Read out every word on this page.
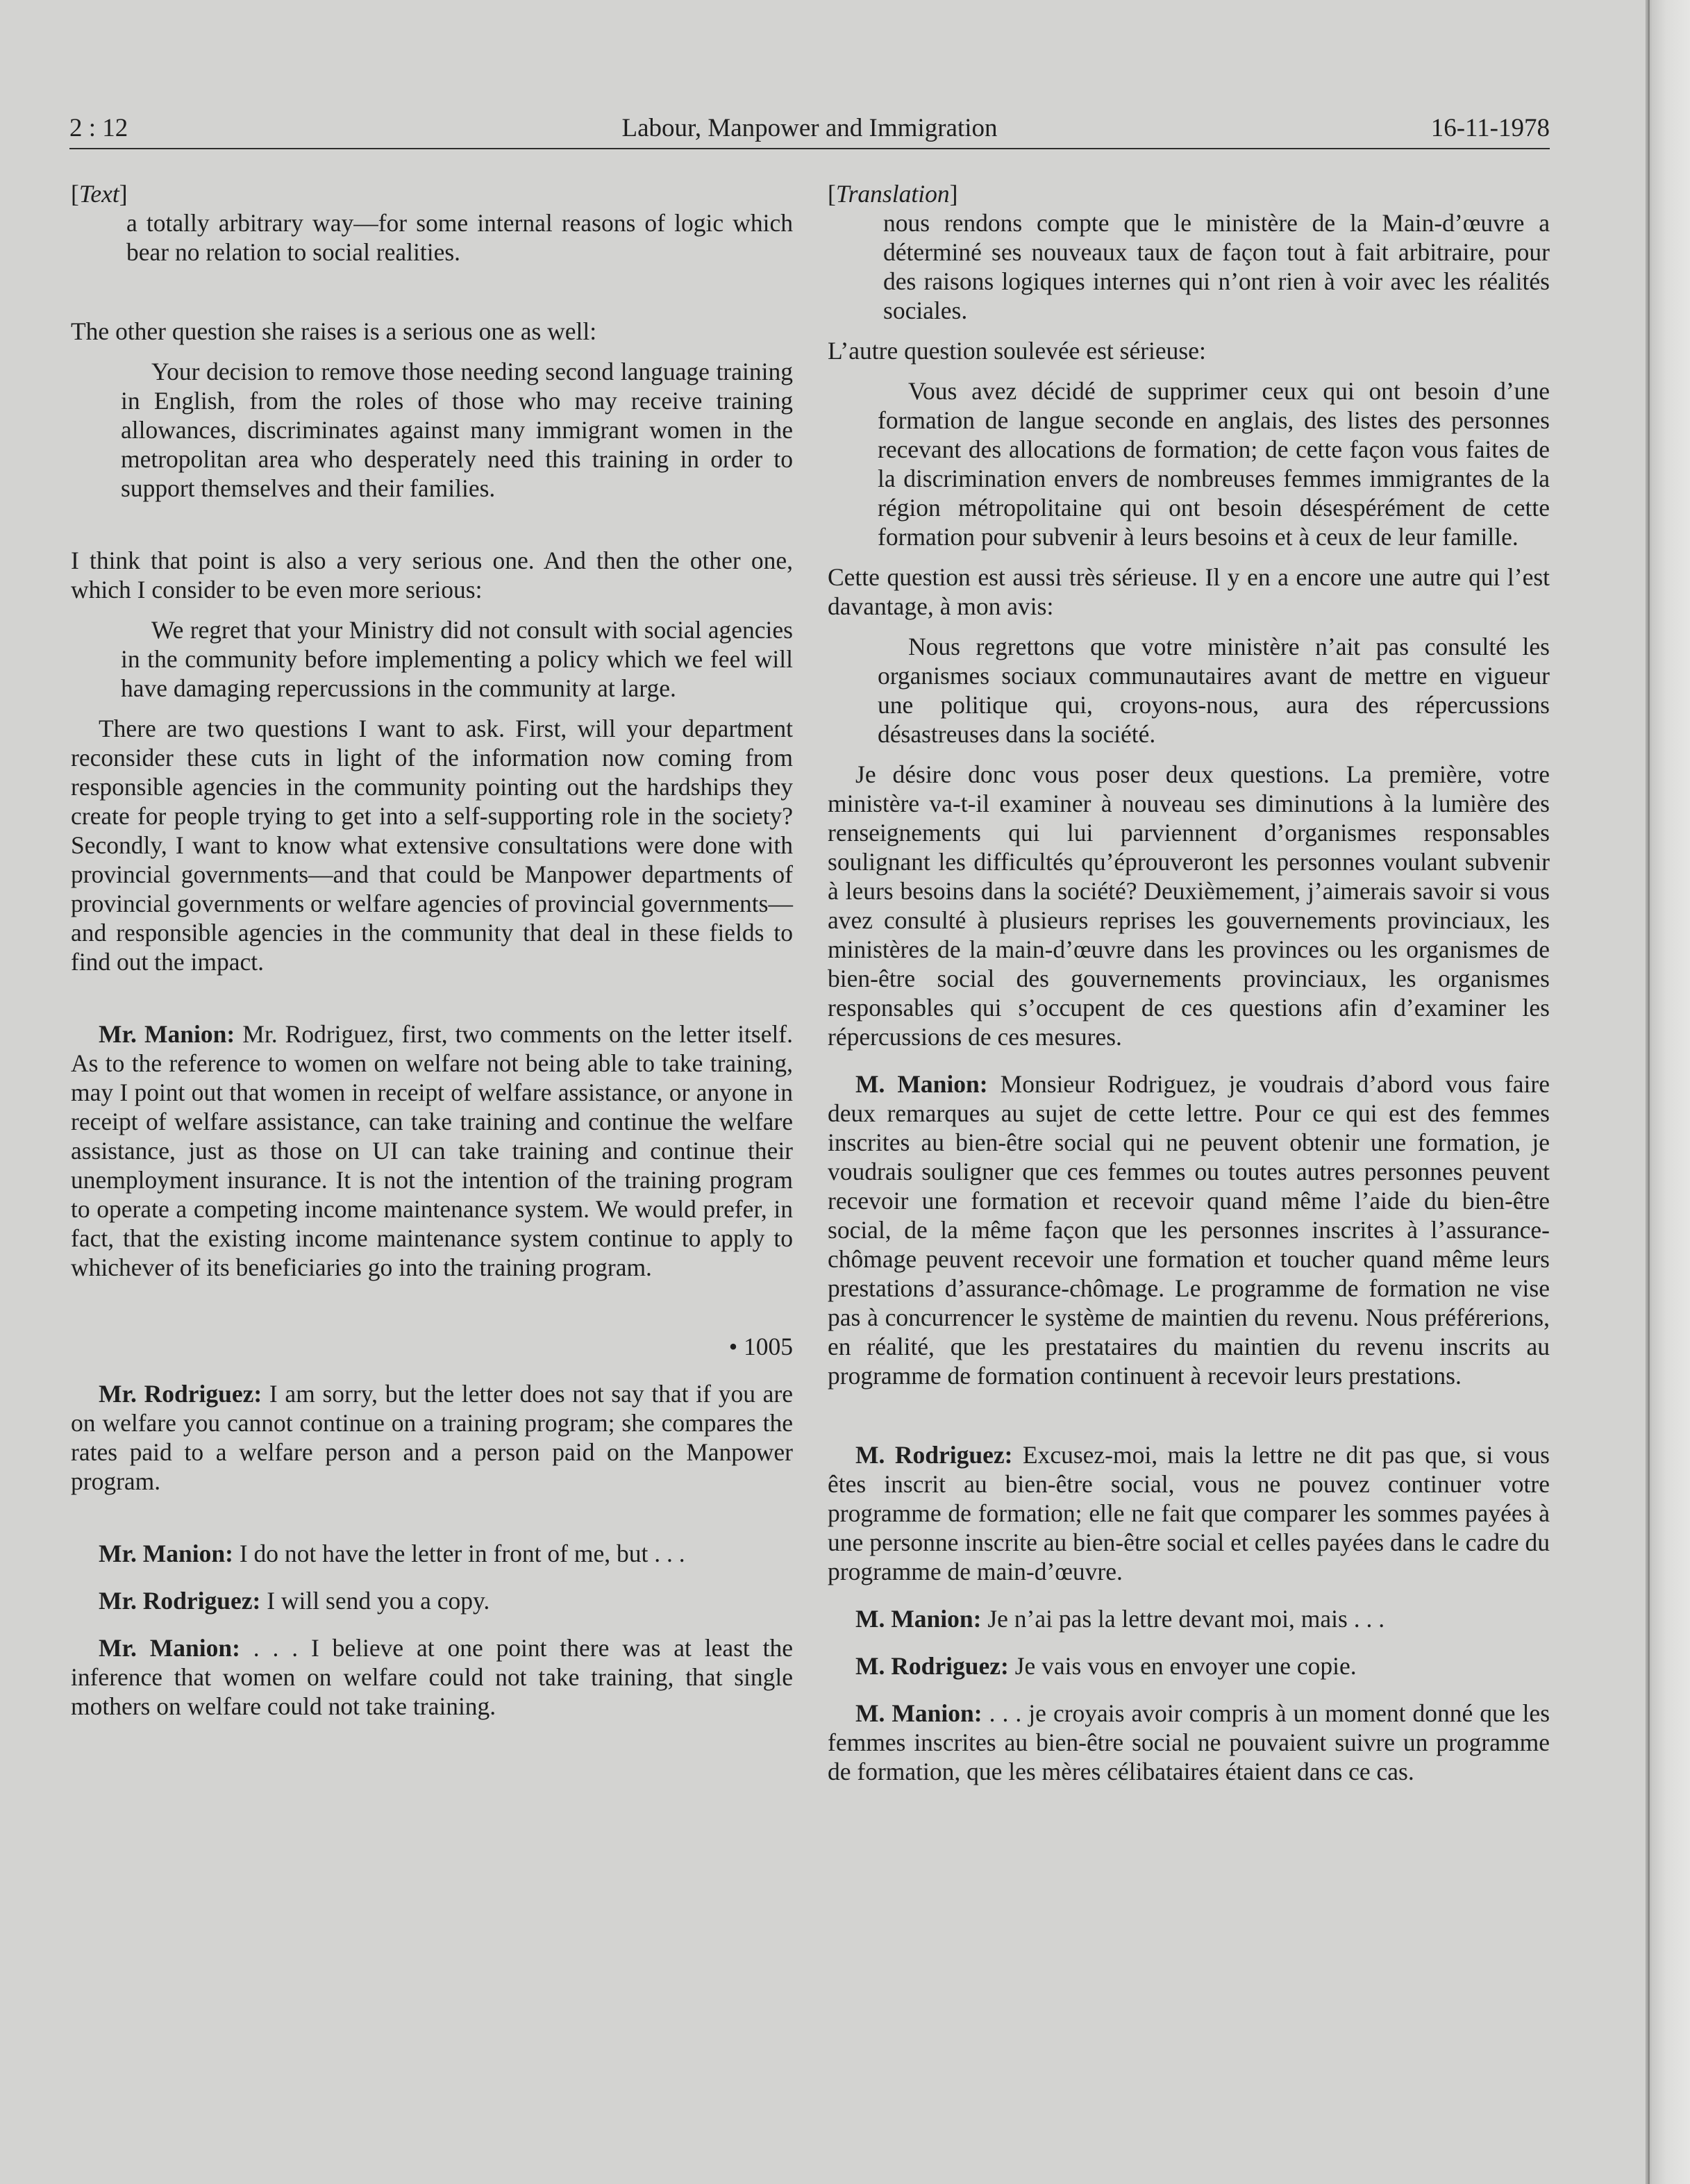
2 : 12	Labour, Manpower and Immigration	16-11-1978

[Text]

a totally arbitrary way—for some internal reasons of logic which bear no relation to social realities.

The other question she raises is a serious one as well:

Your decision to remove those needing second language training in English, from the roles of those who may receive training allowances, discriminates against many immigrant women in the metropolitan area who desperately need this training in order to support themselves and their families.

I think that point is also a very serious one. And then the other one, which I consider to be even more serious:

We regret that your Ministry did not consult with social agencies in the community before implementing a policy which we feel will have damaging repercussions in the community at large.

There are two questions I want to ask. First, will your department reconsider these cuts in light of the information now coming from responsible agencies in the community pointing out the hardships they create for people trying to get into a self-supporting role in the society? Secondly, I want to know what extensive consultations were done with provincial governments—and that could be Manpower departments of provincial governments or welfare agencies of provincial governments—and responsible agencies in the community that deal in these fields to find out the impact.

Mr. Manion: Mr. Rodriguez, first, two comments on the letter itself. As to the reference to women on welfare not being able to take training, may I point out that women in receipt of welfare assistance, or anyone in receipt of welfare assistance, can take training and continue the welfare assistance, just as those on UI can take training and continue their unemployment insurance. It is not the intention of the training program to operate a competing income maintenance system. We would prefer, in fact, that the existing income maintenance system continue to apply to whichever of its beneficiaries go into the training program.

• 1005

Mr. Rodriguez: I am sorry, but the letter does not say that if you are on welfare you cannot continue on a training program; she compares the rates paid to a welfare person and a person paid on the Manpower program.

Mr. Manion: I do not have the letter in front of me, but . . .

Mr. Rodriguez: I will send you a copy.

Mr. Manion: . . . I believe at one point there was at least the inference that women on welfare could not take training, that single mothers on welfare could not take training.

[Translation]

nous rendons compte que le ministère de la Main-d’œuvre a déterminé ses nouveaux taux de façon tout à fait arbitraire, pour des raisons logiques internes qui n’ont rien à voir avec les réalités sociales.

L’autre question soulevée est sérieuse:

Vous avez décidé de supprimer ceux qui ont besoin d’une formation de langue seconde en anglais, des listes des personnes recevant des allocations de formation; de cette façon vous faites de la discrimination envers de nombreuses femmes immigrantes de la région métropolitaine qui ont besoin désespérément de cette formation pour subvenir à leurs besoins et à ceux de leur famille.

Cette question est aussi très sérieuse. Il y en a encore une autre qui l’est davantage, à mon avis:

Nous regrettons que votre ministère n’ait pas consulté les organismes sociaux communautaires avant de mettre en vigueur une politique qui, croyons-nous, aura des répercussions désastreuses dans la société.

Je désire donc vous poser deux questions. La première, votre ministère va-t-il examiner à nouveau ses diminutions à la lumière des renseignements qui lui parviennent d’organismes responsables soulignant les difficultés qu’éprouveront les personnes voulant subvenir à leurs besoins dans la société? Deuxièmement, j’aimerais savoir si vous avez consulté à plusieurs reprises les gouvernements provinciaux, les ministères de la main-d’œuvre dans les provinces ou les organismes de bien-être social des gouvernements provinciaux, les organismes responsables qui s’occupent de ces questions afin d’examiner les répercussions de ces mesures.

M. Manion: Monsieur Rodriguez, je voudrais d’abord vous faire deux remarques au sujet de cette lettre. Pour ce qui est des femmes inscrites au bien-être social qui ne peuvent obtenir une formation, je voudrais souligner que ces femmes ou toutes autres personnes peuvent recevoir une formation et recevoir quand même l’aide du bien-être social, de la même façon que les personnes inscrites à l’assurance-chômage peuvent recevoir une formation et toucher quand même leurs prestations d’assurance-chômage. Le programme de formation ne vise pas à concurrencer le système de maintien du revenu. Nous préférerions, en réalité, que les prestataires du maintien du revenu inscrits au programme de formation continuent à recevoir leurs prestations.

M. Rodriguez: Excusez-moi, mais la lettre ne dit pas que, si vous êtes inscrit au bien-être social, vous ne pouvez continuer votre programme de formation; elle ne fait que comparer les sommes payées à une personne inscrite au bien-être social et celles payées dans le cadre du programme de main-d’œuvre.

M. Manion: Je n’ai pas la lettre devant moi, mais . . .

M. Rodriguez: Je vais vous en envoyer une copie.

M. Manion: . . . je croyais avoir compris à un moment donné que les femmes inscrites au bien-être social ne pouvaient suivre un programme de formation, que les mères célibataires étaient dans ce cas.
